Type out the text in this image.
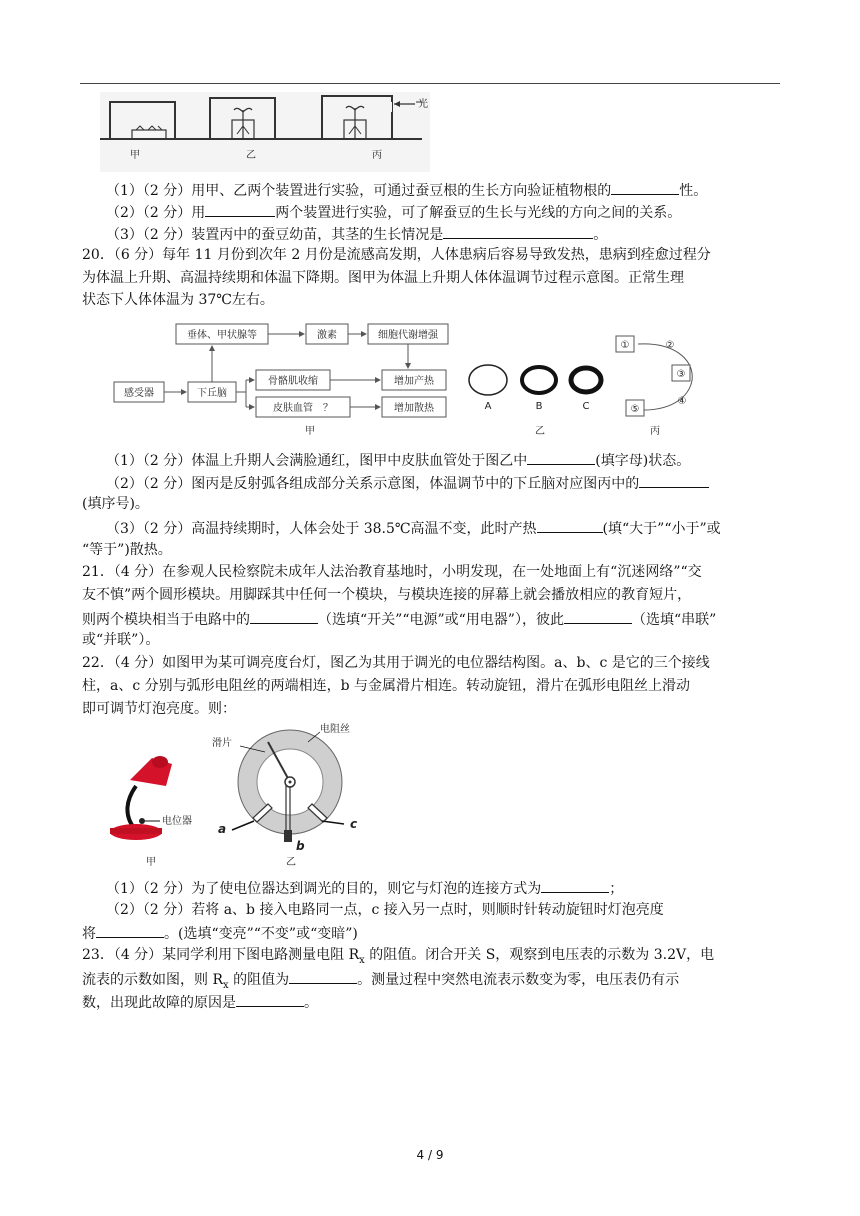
光
甲	乙	丙
（1）（2 分）用甲、乙两个装置进行实验，可通过蚕豆根的生长方向验证植物根的	性。
（2）（2 分）用	两个装置进行实验，可了解蚕豆的生长与光线的方向之间的关系。
（3）（2 分）装置丙中的蚕豆幼苗，其茎的生长情况是	。
20．（6 分）每年 11 月份到次年 2 月份是流感高发期，人体患病后容易导致发热，患病到痊愈过程分
为体温上升期、高温持续期和体温下降期。图甲为体温上升期人体体温调节过程示意图。正常生理
状态下人体体温为 37℃左右。
感受器	下丘脑
垂体、甲状腺等	激素	细胞代谢增强
骨骼肌收缩
皮肤血管　？
增加产热
增加散热
甲
A	B	C
乙
①	②
③
④
⑤
丙
（1）（2 分）体温上升期人会满脸通红，图甲中皮肤血管处于图乙中	(填字母)状态。
（2）（2 分）图丙是反射弧各组成部分关系示意图，体温调节中的下丘脑对应图丙中的
(填序号)。
（3）（2 分）高温持续期时，人体会处于 38.5℃高温不变，此时产热	(填“大于”“小于”或
“等于”)散热。
21．（4 分）在参观人民检察院未成年人法治教育基地时，小明发现，在一处地面上有“沉迷网络”“交
友不慎”两个圆形模块。用脚踩其中任何一个模块，与模块连接的屏幕上就会播放相应的教育短片，
则两个模块相当于电路中的	（选填“开关”“电源”或“用电器”），彼此	（选填“串联”
或“并联”）。
22．（4 分）如图甲为某可调亮度台灯，图乙为其用于调光的电位器结构图。a、b、c 是它的三个接线
柱，a、c 分别与弧形电阻丝的两端相连，b 与金属滑片相连。转动旋钮，滑片在弧形电阻丝上滑动
即可调节灯泡亮度。则：
电位器
甲
滑片
电阻丝
a
b
c
乙
（1）（2 分）为了使电位器达到调光的目的，则它与灯泡的连接方式为	；
（2）（2 分）若将 a、b 接入电路同一点，c 接入另一点时，则顺时针转动旋钮时灯泡亮度
将	。(选填“变亮”“不变”或“变暗”)
23．（4 分）某同学利用下图电路测量电阻 $R_x$ 的阻值。闭合开关 S，观察到电压表的示数为 3.2V，电
流表的示数如图，则 $R_x$ 的阻值为	。测量过程中突然电流表示数变为零，电压表仍有示
数，出现此故障的原因是	。
4 / 9
